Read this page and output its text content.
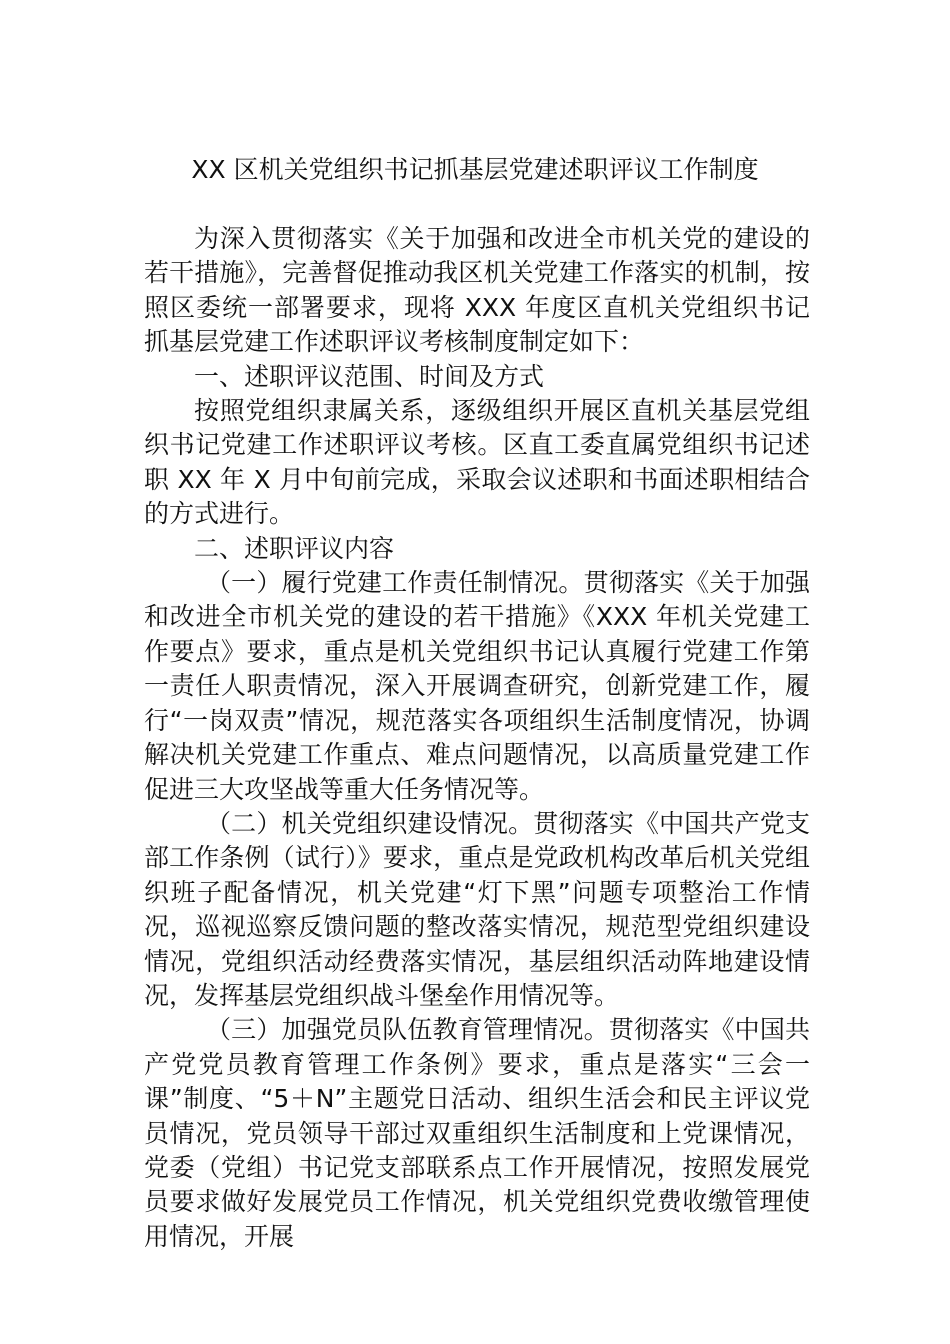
XX 区机关党组织书记抓基层党建述职评议工作制度

为深入贯彻落实《关于加强和改进全市机关党的建设的若干措施》，完善督促推动我区机关党建工作落实的机制，按照区委统一部署要求，现将 XXX 年度区直机关党组织书记抓基层党建工作述职评议考核制度制定如下：

一、述职评议范围、时间及方式

按照党组织隶属关系，逐级组织开展区直机关基层党组织书记党建工作述职评议考核。区直工委直属党组织书记述职 XX 年 X 月中旬前完成，采取会议述职和书面述职相结合的方式进行。

二、述职评议内容

（一）履行党建工作责任制情况。贯彻落实《关于加强和改进全市机关党的建设的若干措施》《XXX 年机关党建工作要点》要求，重点是机关党组织书记认真履行党建工作第一责任人职责情况，深入开展调查研究，创新党建工作，履行“一岗双责”情况，规范落实各项组织生活制度情况，协调解决机关党建工作重点、难点问题情况，以高质量党建工作促进三大攻坚战等重大任务情况等。

（二）机关党组织建设情况。贯彻落实《中国共产党支部工作条例（试行）》要求，重点是党政机构改革后机关党组织班子配备情况，机关党建“灯下黑”问题专项整治工作情况，巡视巡察反馈问题的整改落实情况，规范型党组织建设情况，党组织活动经费落实情况，基层组织活动阵地建设情况，发挥基层党组织战斗堡垒作用情况等。

（三）加强党员队伍教育管理情况。贯彻落实《中国共产党党员教育管理工作条例》要求，重点是落实“三会一课”制度、“5＋N”主题党日活动、组织生活会和民主评议党员情况，党员领导干部过双重组织生活制度和上党课情况，党委（党组）书记党支部联系点工作开展情况，按照发展党员要求做好发展党员工作情况，机关党组织党费收缴管理使用情况，开展
